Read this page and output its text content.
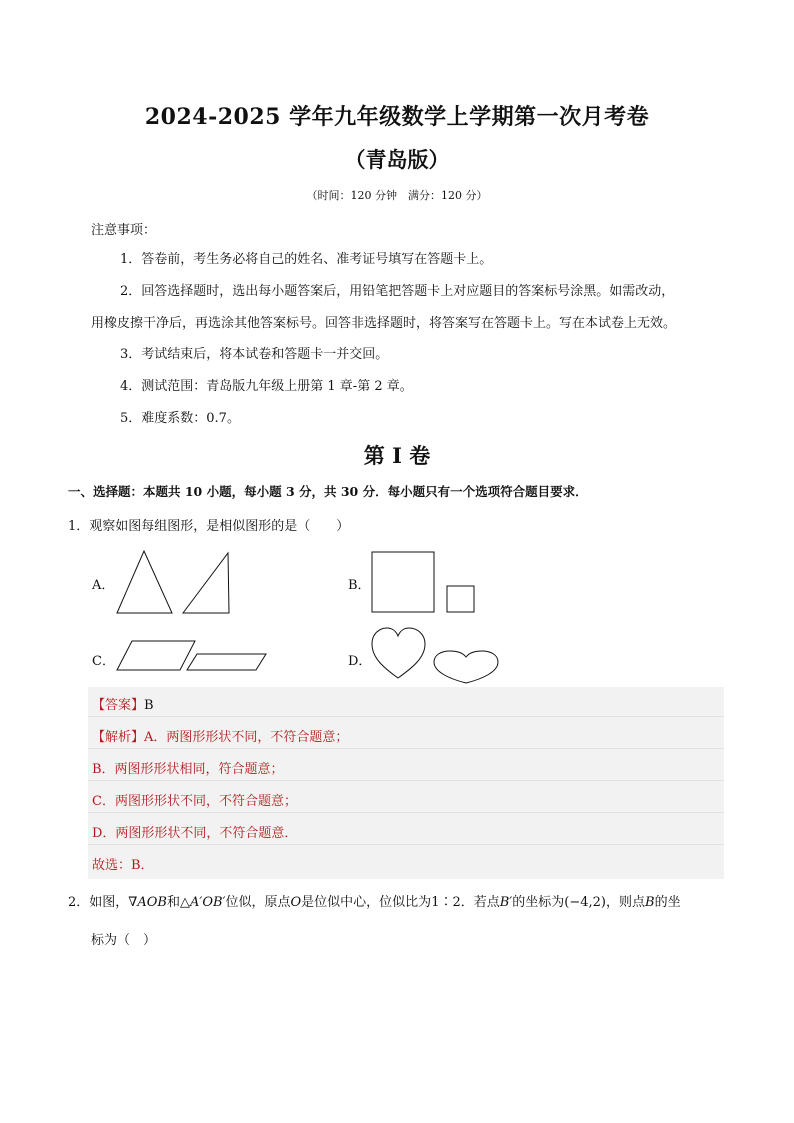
2024-2025 学年九年级数学上学期第一次月考卷
（青岛版）
（时间：120 分钟　满分：120 分）
注意事项：
1．答卷前，考生务必将自己的姓名、准考证号填写在答题卡上。
2．回答选择题时，选出每小题答案后，用铅笔把答题卡上对应题目的答案标号涂黑。如需改动，
用橡皮擦干净后，再选涂其他答案标号。回答非选择题时，将答案写在答题卡上。写在本试卷上无效。
3．考试结束后，将本试卷和答题卡一并交回。
4．测试范围：青岛版九年级上册第 1 章-第 2 章。
5．难度系数：0.7。
第 I 卷
一、选择题：本题共 10 小题，每小题 3 分，共 30 分．每小题只有一个选项符合题目要求．
1．观察如图每组图形，是相似图形的是（　　）
A．	B．
C．	D．
【答案】B
【解析】A．两图形形状不同，不符合题意；
B．两图形形状相同，符合题意；
C．两图形形状不同，不符合题意；
D．两图形形状不同，不符合题意．
故选：B．
2．如图，∇AOB和△A′OB′位似，原点O是位似中心，位似比为1∶2．若点B′的坐标为(−4,2)，则点B的坐
标为（　）
